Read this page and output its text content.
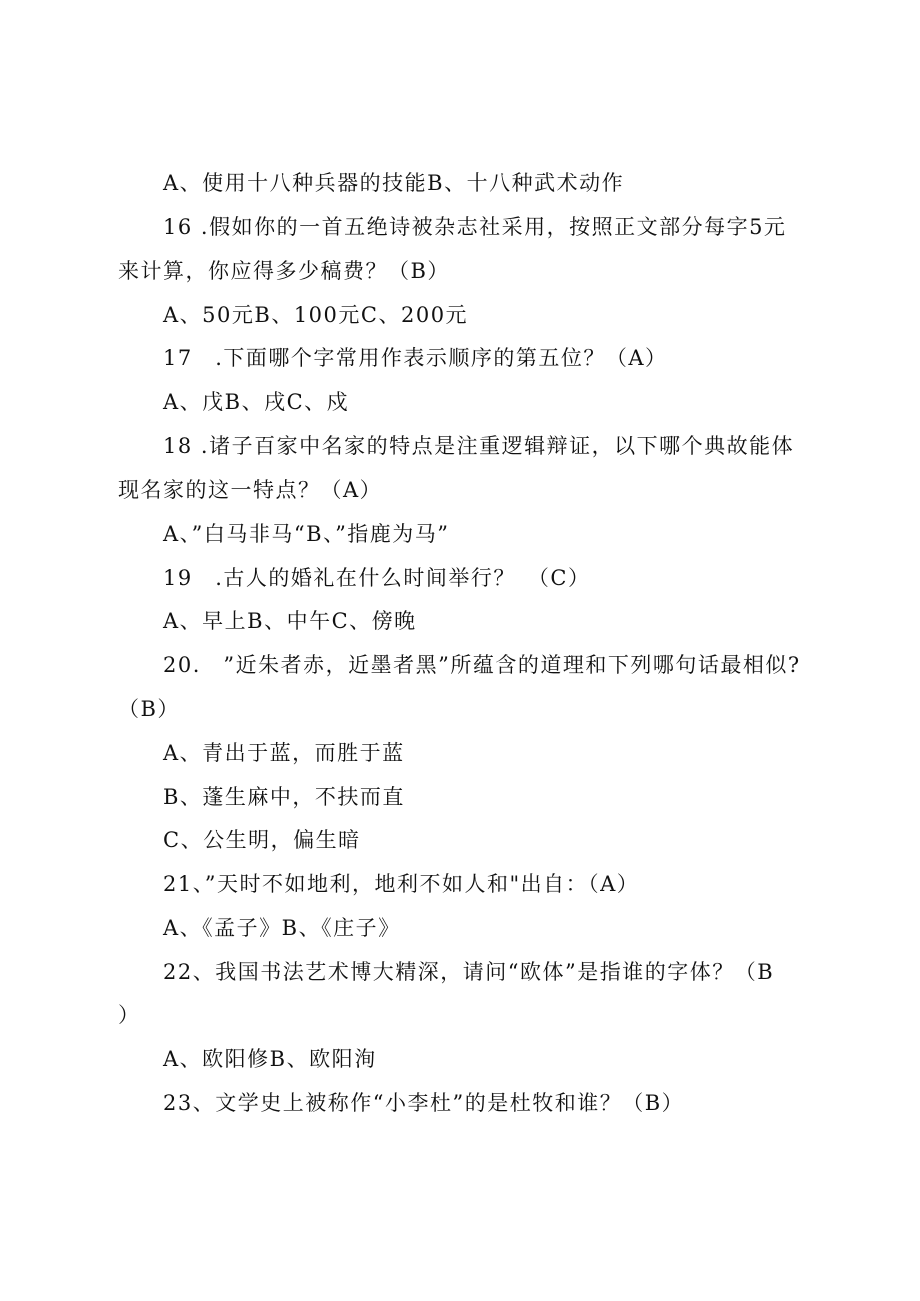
A、使用十八种兵器的技能B、十八种武术动作
16 .假如你的一首五绝诗被杂志社采用，按照正文部分每字5元
来计算，你应得多少稿费？（B）
A、50元B、100元C、200元
17　.下面哪个字常用作表示顺序的第五位？（A）
A、戊B、戌C、戍
18 .诸子百家中名家的特点是注重逻辑辩证，以下哪个典故能体
现名家的这一特点？（A）
A、”白马非马“B、”指鹿为马”
19　.古人的婚礼在什么时间举行？　（C）
A、早上B、中午C、傍晚
20.　”近朱者赤，近墨者黑”所蕴含的道理和下列哪句话最相似?
（B）
A、青出于蓝，而胜于蓝
B、蓬生麻中，不扶而直
C、公生明，偏生暗
21、”天时不如地利，地利不如人和"出自：（A）
A、《孟子》B、《庄子》
22、我国书法艺术博大精深，请问“欧体”是指谁的字体？（B
）
A、欧阳修B、欧阳洵
23、文学史上被称作“小李杜”的是杜牧和谁？（B）
